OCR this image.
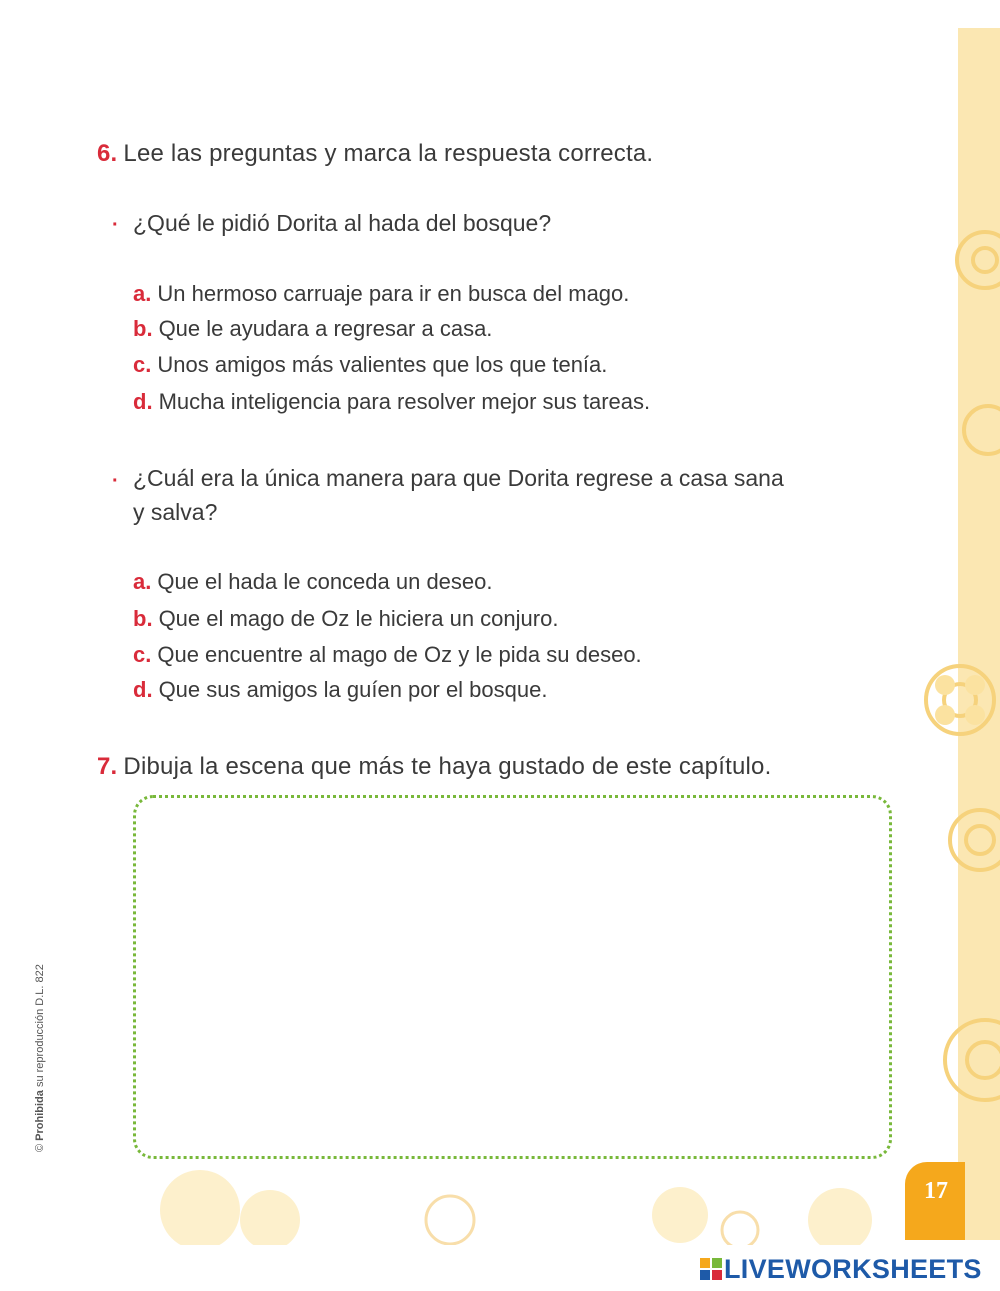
6. Lee las preguntas y marca la respuesta correcta.
· ¿Qué le pidió Dorita al hada del bosque?
a. Un hermoso carruaje para ir en busca del mago.
b. Que le ayudara a regresar a casa.
c. Unos amigos más valientes que los que tenía.
d. Mucha inteligencia para resolver mejor sus tareas.
· ¿Cuál era la única manera para que Dorita regrese a casa sana
y salva?
a. Que el hada le conceda un deseo.
b. Que el mago de Oz le hiciera un conjuro.
c. Que encuentre al mago de Oz y le pida su deseo.
d. Que sus amigos la guíen por el bosque.
7. Dibuja la escena que más te haya gustado de este capítulo.
© Prohibida su reproducción D.L. 822
17
LIVEWORKSHEETS
